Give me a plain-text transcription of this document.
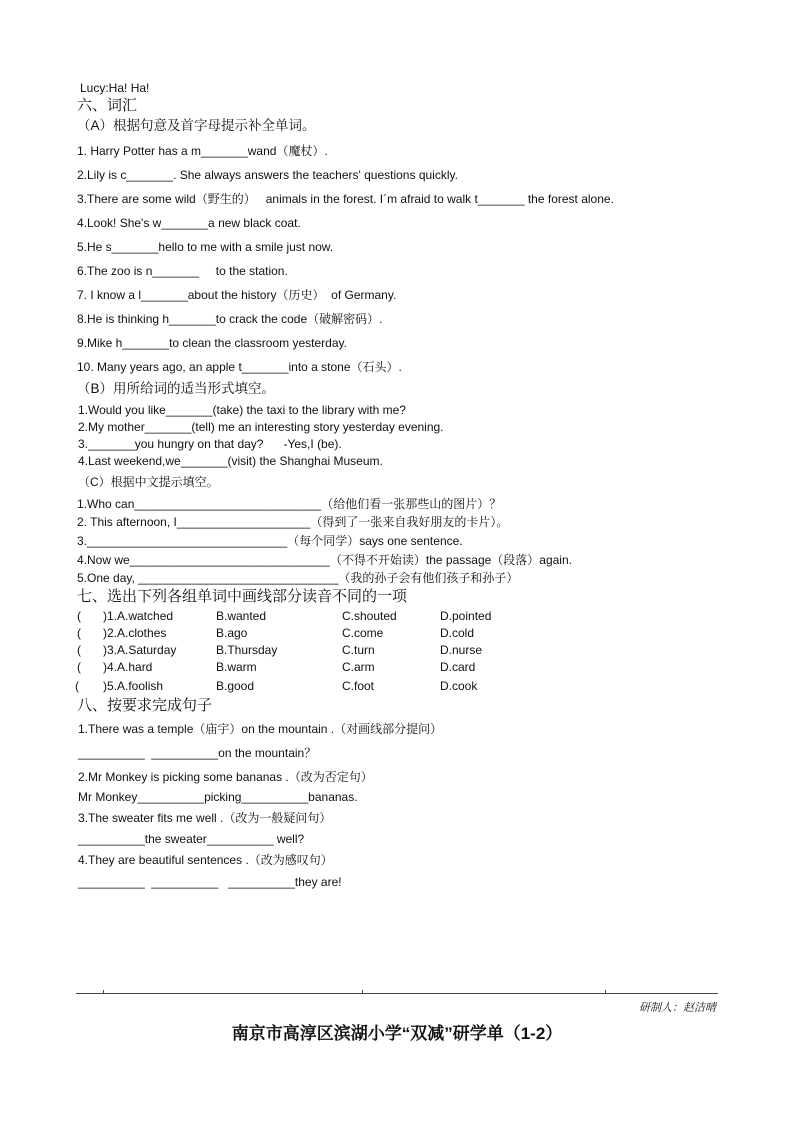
Lucy:Ha! Ha!
六、词汇
（A）根据句意及首字母提示补全单词。
1. Harry Potter has a m_______wand（魔杖）.
2.Lily is c_______. She always answers the teachers' questions quickly.
3.There are some wild（野生的）   animals in the forest. I´m afraid to walk t_______ the forest alone.
4.Look! She's w_______a new black coat.
5.He s_______hello to me with a smile just now.
6.The zoo is n_______     to the station.
7. I know a l_______about the history（历史）  of Germany.
8.He is thinking h_______to crack the code（破解密码）.
9.Mike h_______to clean the classroom yesterday.
10. Many years ago, an apple t_______into a stone（石头）.
（B）用所给词的适当形式填空。
1.Would you like_______(take) the taxi to the library with me?
2.My mother_______(tell) me an interesting story yesterday evening.
3._______you hungry on that day?      -Yes,I (be).
4.Last weekend,we_______(visit) the Shanghai Museum.
（C）根据中文提示填空。
1.Who can____________________________（给他们看一张那些山的图片）？
2. This afternoon, I____________________（得到了一张来自我好朋友的卡片）。
3.______________________________（每个同学）says one sentence.
4.Now we______________________________（不得不开始读）the passage（段落）again.
5.One day, ______________________________（我的孙子会有他们孩子和孙子）
七、选出下列各组单词中画线部分读音不同的一项
( )1.A.watched	B.wanted	C.shouted	D.pointed
( )2.A.clothes	B.ago	C.come	D.cold
( )3.A.Saturday	B.Thursday	C.turn	D.nurse
( )4.A.hard	B.warm	C.arm	D.card
( )5.A.foolish	B.good	C.foot	D.cook
八、按要求完成句子
1.There was a temple（庙宇）on the mountain .（对画线部分提问）
__________  __________on the mountain？
2.Mr Monkey is picking some bananas .（改为否定句）
Mr Monkey__________picking__________bananas.
3.The sweater fits me well .（改为一般疑问句）
__________the sweater__________ well?
4.They are beautiful sentences .（改为感叹句）
__________  __________   __________they are!
研制人：赵洁晴
南京市高淳区滨湖小学“双减”研学单（1-2）
